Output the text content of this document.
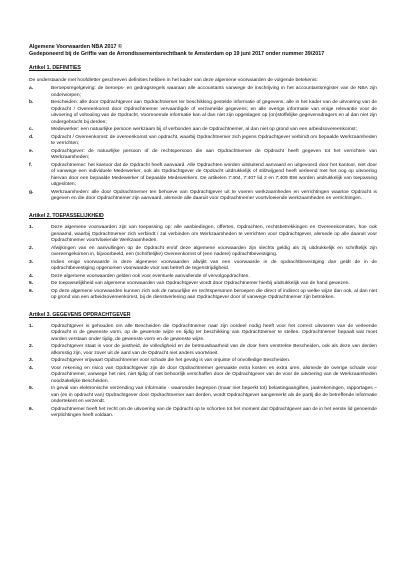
Algemene Voorwaarden NBA 2017 ©
Gedeponeerd bij de Griffie van de Arrondissementsrechtbank te Amsterdam op 19 juni 2017 onder nummer 39/2017
Artikel 1. DEFINITIES
De onderstaande met hoofdletter geschreven definities hebben in het kader van deze algemene voorwaarden de volgende betekenis:
a.	Beroepsregelgeving: de beroeps- en gedragsregels waaraan alle accountants vanwege de inschrijving in het accountantsregister van de NBA zijn onderworpen;
b.	Bescheiden: alle door Opdrachtgever aan Opdrachtnemer ter beschikking gestelde informatie of gegevens; alle in het kader van de uitvoering van de Opdracht / Overeenkomst door Opdrachtnemer vervaardigde of verzamelde gegevens; en alle overige informatie van enige relevantie voor de uitvoering of voltooiing van de Opdracht. Voornoemde informatie kan al dan niet zijn opgeslagen op (on)stoffelijke gegevensdragers en al dan niet zijn ondergebracht bij derden;
c.	Medewerker: een natuurlijke persoon werkzaam bij of verbonden aan de Opdrachtnemer, al dan niet op grond van een arbeidsovereenkomst;
d.	Opdracht / Overeenkomst: de overeenkomst van opdracht, waarbij Opdrachtnemer zich jegens Opdrachtgever verbindt om bepaalde Werkzaamheden te verrichten;
e.	Opdrachtgever: de natuurlijke persoon of de rechtspersoon die aan Opdrachtnemer de Opdracht heeft gegeven tot het verrichten van Werkzaamheden;
f.	Opdrachtnemer: het kantoor dat de Opdracht heeft aanvaard. Alle Opdrachten worden uitsluitend aanvaard en uitgevoerd door het kantoor, niet door of vanwege een individuele Medewerker, ook als Opdrachtgever de Opdracht uitdrukkelijk of stilzwijgend heeft verleend met het oog op uitvoering hiervan door een bepaalde Medewerker of bepaalde Medewerkers. De artikelen 7:404, 7:407 lid 2 en 7:409 BW worden uitdrukkelijk van toepassing uitgesloten;
g.	Werkzaamheden: alle door Opdrachtnemer ten behoeve van Opdrachtgever uit te voeren werkzaamheden en verrichtingen waartoe Opdracht is gegeven en die door Opdrachtnemer zijn aanvaard, alsmede alle daaruit voor Opdrachtnemer voortvloeiende werkzaamheden en verrichtingen.
Artikel 2. TOEPASSELIJKHEID
1.	Deze algemene voorwaarden zijn van toepassing op: alle aanbiedingen, offertes, Opdrachten, rechtsbetrekkingen en Overeenkomsten, hoe ook genaamd, waarbij Opdrachtnemer zich verbindt / zal verbinden om Werkzaamheden te verrichten voor Opdrachtgever, alsmede op alle daaruit voor Opdrachtnemer voortvloeiende Werkzaamheden.
2.	Afwijkingen van en aanvullingen op de Opdracht en/of deze algemene voorwaarden zijn slechts geldig als zij uitdrukkelijk en schriftelijk zijn overeengekomen in, bijvoorbeeld, een (schriftelijke) Overeenkomst of (een nadere) opdrachtbevestiging.
3.	Indien enige voorwaarde in deze algemene voorwaarden afwijkt van een voorwaarde in de opdrachtbevestiging dan geldt de in de opdrachtbevestiging opgenomen voorwaarde voor wat betreft de tegenstrijdigheid.
4.	Deze algemene voorwaarden gelden ook voor eventuele aanvullende of vervolgopdrachten.
5.	De toepasselijkheid van algemene voorwaarden van Opdrachtgever wordt door Opdrachtnemer hierbij uitdrukkelijk van de hand gewezen.
6.	Op deze algemene voorwaarden kunnen zich ook de natuurlijke en rechtspersonen beroepen die direct of indirect op welke wijze dan ook, al dan niet op grond van een arbeidsovereenkomst, bij de dienstverlening aan Opdrachtgever door of vanwege Opdrachtnemer zijn betrokken.
Artikel 3. GEGEVENS OPDRACHTGEVER
1.	Opdrachtgever is gehouden om alle Bescheiden die Opdrachtnemer naar zijn oordeel nodig heeft voor het correct uitvoeren van de verleende Opdracht in de gewenste vorm, op de gewenste wijze en tijdig ter beschikking van Opdrachtnemer te stellen. Opdrachtnemer bepaalt wat moet worden verstaan onder tijdig, de gewenste vorm en de gewenste wijze.
2.	Opdrachtgever staat in voor de juistheid, de volledigheid en de betrouwbaarheid van de door hem verstrekte Bescheiden, ook als deze van derden afkomstig zijn, voor zover uit de aard van de Opdracht niet anders voortvloeit.
3.	Opdrachtgever vrijwaart Opdrachtnemer voor schade die het gevolg is van onjuiste of onvolledige Bescheiden.
4.	Voor rekening en risico van Opdrachtgever zijn de door Opdrachtnemer gemaakte extra kosten en extra uren, alsmede de overige schade voor Opdrachtnemer, vanwege het niet, niet tijdig of niet behoorlijk verschaffen door de Opdrachtgever van de voor de uitvoering van de Werkzaamheden noodzakelijke Bescheiden.
5.	In geval van elektronische verzending van informatie - waaronder begrepen (maar niet beperkt tot) belastingaangiften, jaarrekeningen, rapportages – van (en in opdracht van) Opdrachtgever door Opdrachtnemer aan derden, wordt Opdrachtgever aangemerkt als de partij die de betreffende informatie ondertekent en verzendt.
6.	Opdrachtnemer heeft het recht om de uitvoering van de Opdracht op te schorten tot het moment dat Opdrachtgever aan de in het eerste lid genoemde verplichtingen heeft voldaan.
